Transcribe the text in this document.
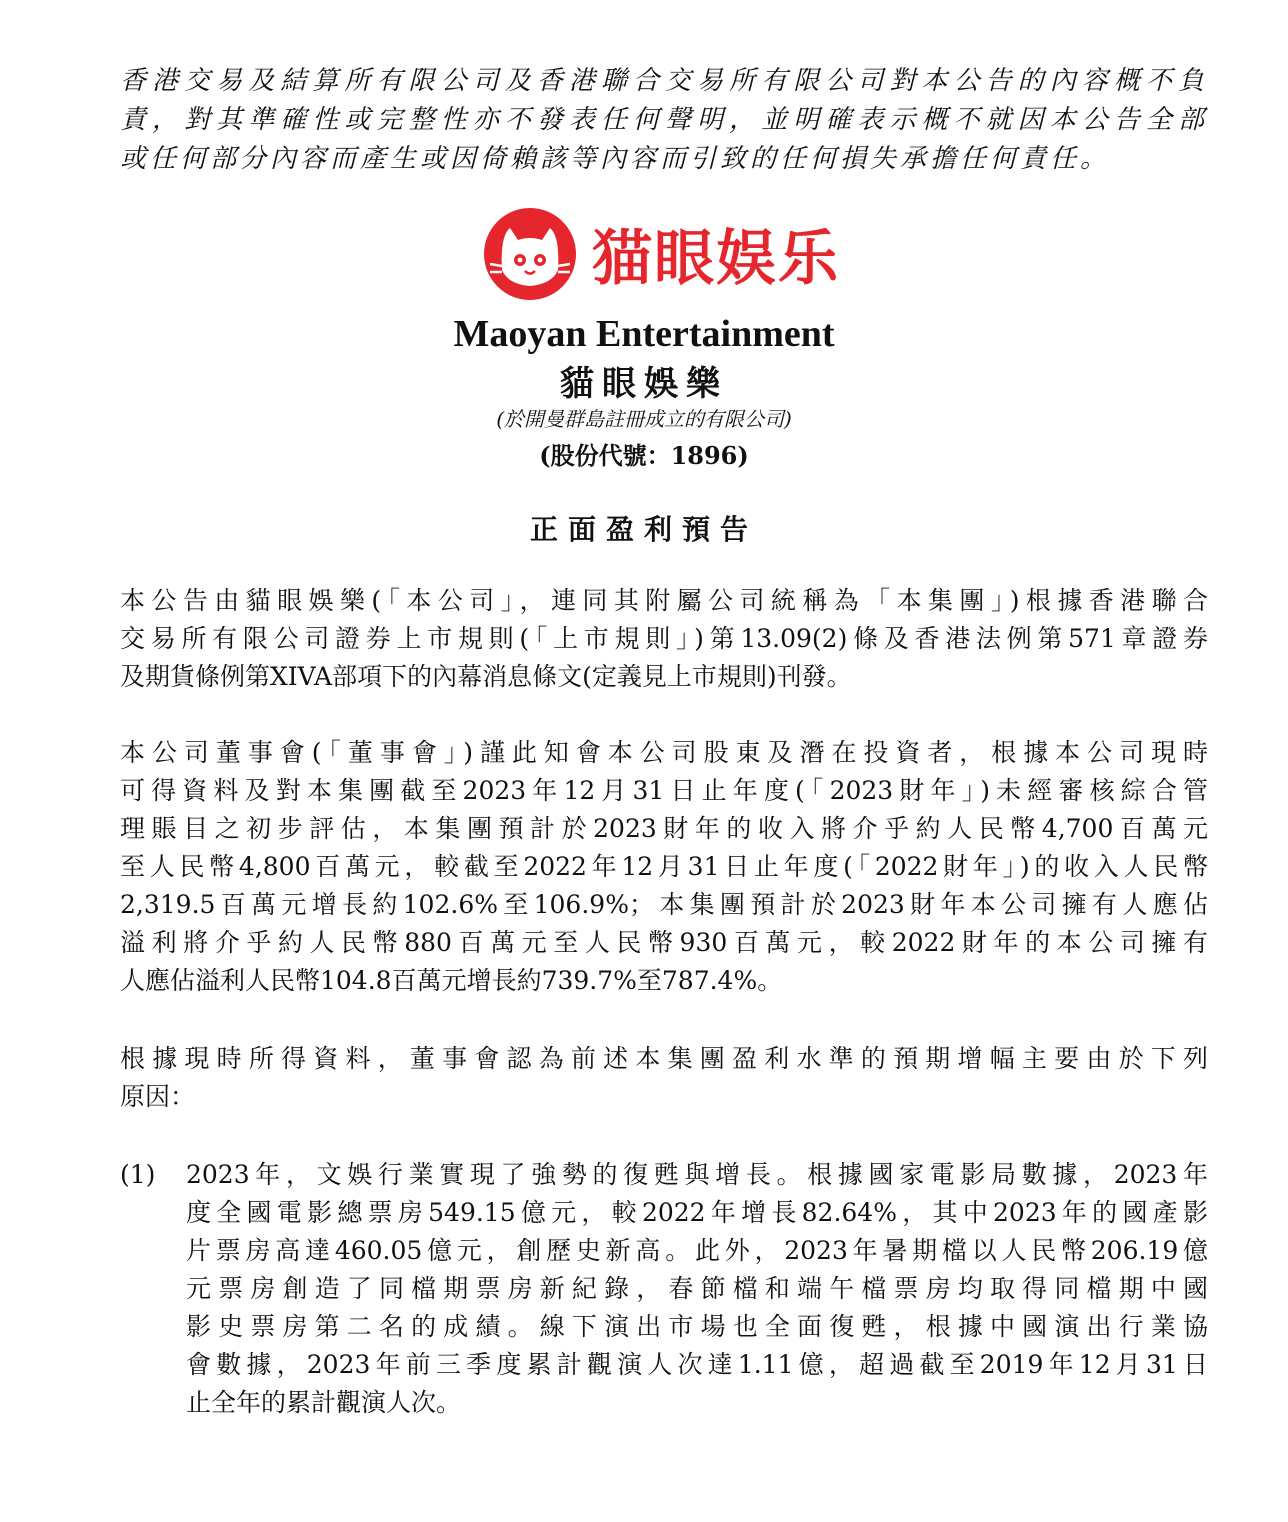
香港交易及結算所有限公司及香港聯合交易所有限公司對本公告的內容概不負

責，對其準確性或完整性亦不發表任何聲明，並明確表示概不就因本公告全部

或任何部分內容而產生或因倚賴該等內容而引致的任何損失承擔任何責任。

猫眼娱乐
Maoyan Entertainment
貓眼娛樂
(於開曼群島註冊成立的有限公司)
(股份代號：1896)
正面盈利預告

本公告由貓眼娛樂(「本公司」，連同其附屬公司統稱為「本集團」)根據香港聯合

交易所有限公司證券上市規則(「上市規則」)第13.09(2)條及香港法例第571章證券

及期貨條例第XIVA部項下的內幕消息條文(定義見上市規則)刊發。

本公司董事會(「董事會」)謹此知會本公司股東及潛在投資者，根據本公司現時

可得資料及對本集團截至2023年12月31日止年度(「2023財年」)未經審核綜合管

理賬目之初步評估，本集團預計於2023財年的收入將介乎約人民幣4,700百萬元

至人民幣4,800百萬元，較截至2022年12月31日止年度(「2022財年」)的收入人民幣

2,319.5百萬元增長約102.6%至106.9%；本集團預計於2023財年本公司擁有人應佔

溢利將介乎約人民幣880百萬元至人民幣930百萬元，較2022財年的本公司擁有

人應佔溢利人民幣104.8百萬元增長約739.7%至787.4%。

根據現時所得資料，董事會認為前述本集團盈利水準的預期增幅主要由於下列

原因：

(1) 2023年，文娛行業實現了強勢的復甦與增長。根據國家電影局數據，2023年

度全國電影總票房549.15億元，較2022年增長82.64%，其中2023年的國產影

片票房高達460.05億元，創歷史新高。此外，2023年暑期檔以人民幣206.19億

元票房創造了同檔期票房新紀錄，春節檔和端午檔票房均取得同檔期中國

影史票房第二名的成績。線下演出市場也全面復甦，根據中國演出行業協

會數據，2023年前三季度累計觀演人次達1.11億，超過截至2019年12月31日

止全年的累計觀演人次。
